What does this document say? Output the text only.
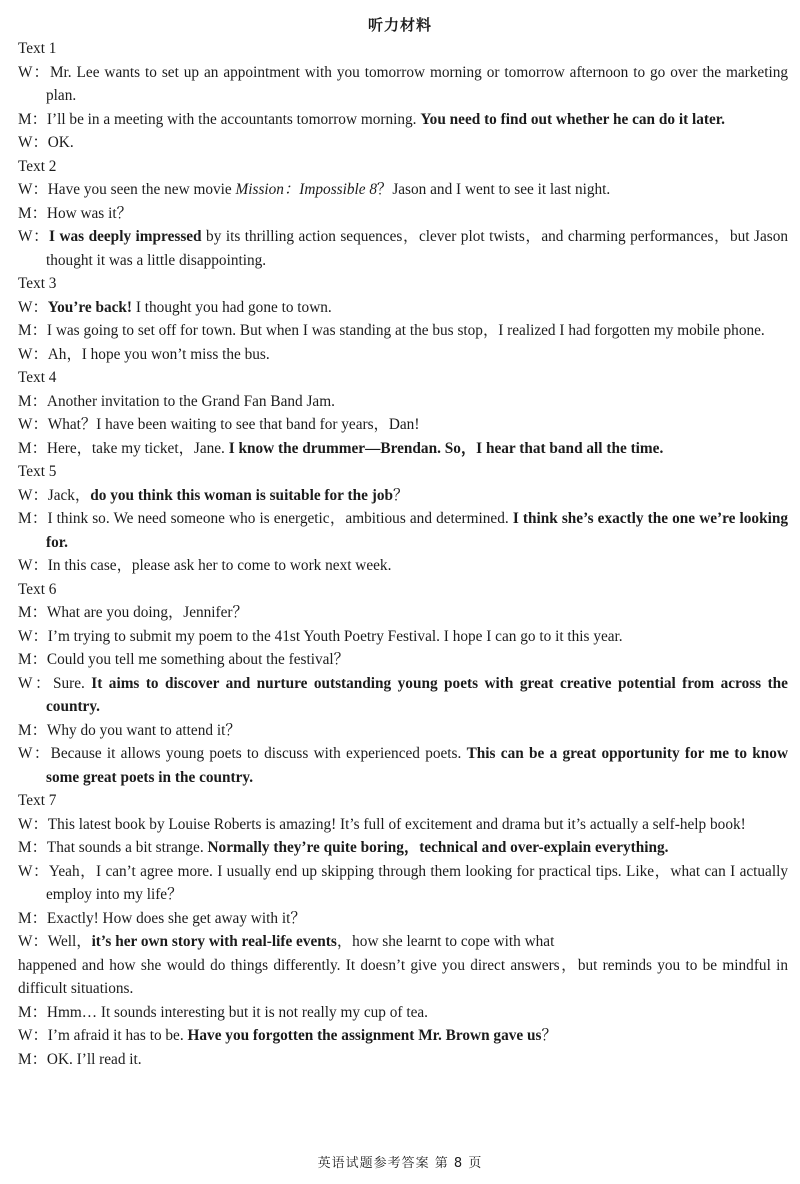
听力材料

Text 1

W：Mr. Lee wants to set up an appointment with you tomorrow morning or tomorrow afternoon to go over the marketing plan.

M：I’ll be in a meeting with the accountants tomorrow morning. You need to find out whether he can do it later.

W：OK.

Text 2

W：Have you seen the new movie Mission：Impossible 8？Jason and I went to see it last night.

M：How was it？

W：I was deeply impressed by its thrilling action sequences，clever plot twists，and charming performances，but Jason thought it was a little disappointing.

Text 3

W：You’re back! I thought you had gone to town.

M：I was going to set off for town. But when I was standing at the bus stop，I realized I had forgotten my mobile phone.

W：Ah，I hope you won’t miss the bus.

Text 4

M：Another invitation to the Grand Fan Band Jam.

W：What？I have been waiting to see that band for years，Dan!

M：Here，take my ticket，Jane. I know the drummer—Brendan. So，I hear that band all the time.

Text 5

W：Jack，do you think this woman is suitable for the job？

M：I think so. We need someone who is energetic，ambitious and determined. I think she’s exactly the one we’re looking for.

W：In this case，please ask her to come to work next week.

Text 6

M：What are you doing，Jennifer？

W：I’m trying to submit my poem to the 41st Youth Poetry Festival. I hope I can go to it this year.

M：Could you tell me something about the festival？

W：Sure. It aims to discover and nurture outstanding young poets with great creative potential from across the country.

M：Why do you want to attend it？

W：Because it allows young poets to discuss with experienced poets. This can be a great opportunity for me to know some great poets in the country.

Text 7

W：This latest book by Louise Roberts is amazing! It’s full of excitement and drama but it’s actually a self-help book!

M：That sounds a bit strange. Normally they’re quite boring，technical and over-explain everything.

W：Yeah，I can’t agree more. I usually end up skipping through them looking for practical tips. Like，what can I actually employ into my life？

M：Exactly! How does she get away with it？

W：Well，it’s her own story with real-life events，how she learnt to cope with what

happened and how she would do things differently. It doesn’t give you direct answers，but reminds you to be mindful in difficult situations.

M：Hmm… It sounds interesting but it is not really my cup of tea.

W：I’m afraid it has to be. Have you forgotten the assignment Mr. Brown gave us？

M：OK. I’ll read it.

英语试题参考答案 第 8 页
